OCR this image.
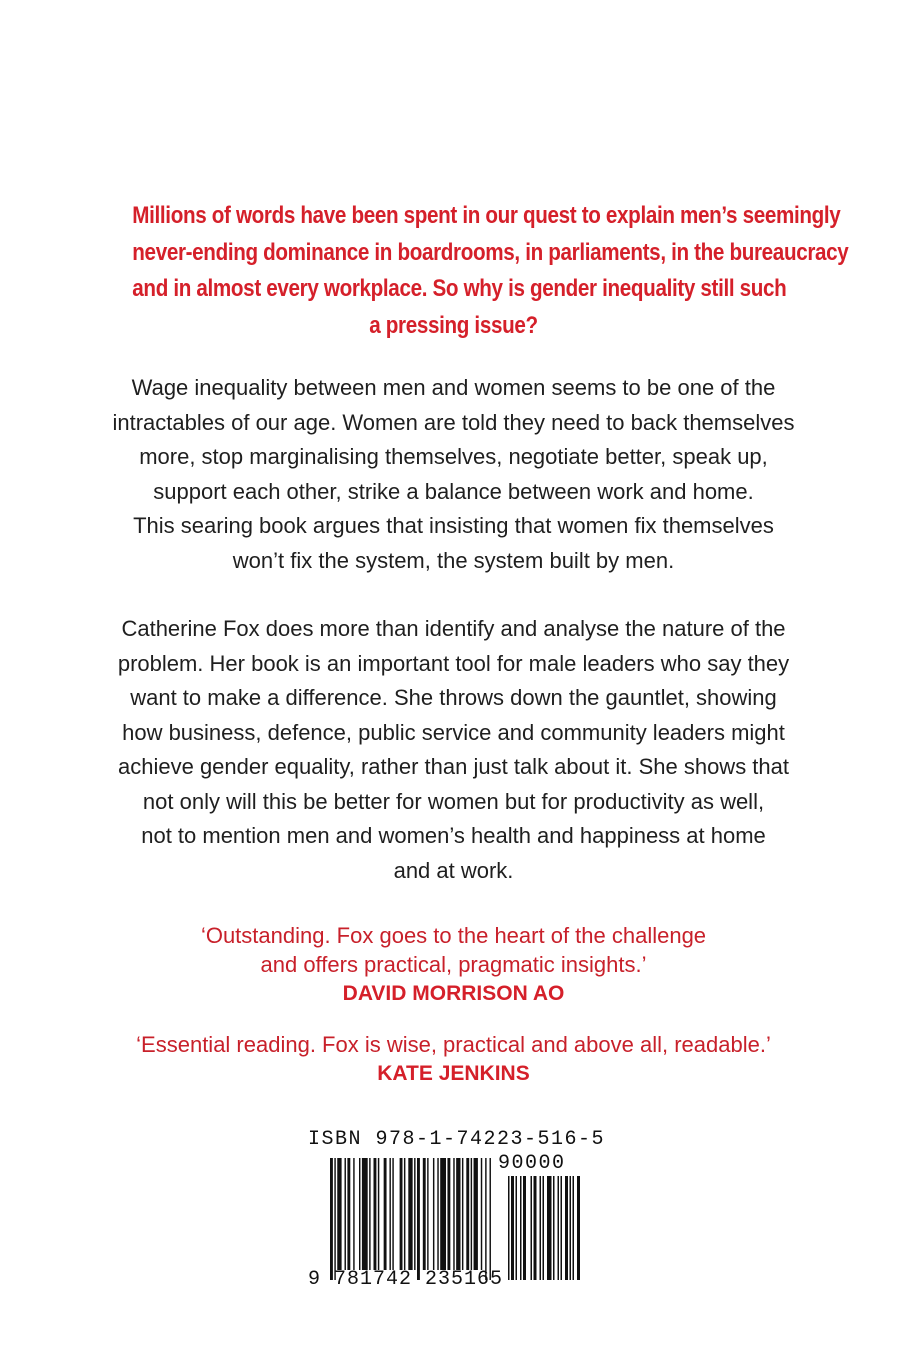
Millions of words have been spent in our quest to explain men’s seemingly
never-ending dominance in boardrooms, in parliaments, in the bureaucracy
and in almost every workplace. So why is gender inequality still such
a pressing issue?
Wage inequality between men and women seems to be one of the
intractables of our age. Women are told they need to back themselves
more, stop marginalising themselves, negotiate better, speak up,
support each other, strike a balance between work and home.
This searing book argues that insisting that women fix themselves
won’t fix the system, the system built by men.
Catherine Fox does more than identify and analyse the nature of the
problem. Her book is an important tool for male leaders who say they
want to make a difference. She throws down the gauntlet, showing
how business, defence, public service and community leaders might
achieve gender equality, rather than just talk about it. She shows that
not only will this be better for women but for productivity as well,
not to mention men and women’s health and happiness at home
and at work.
‘Outstanding. Fox goes to the heart of the challenge
and offers practical, pragmatic insights.’
DAVID MORRISON AO
‘Essential reading. Fox is wise, practical and above all, readable.’
KATE JENKINS
ISBN 978-1-74223-516-5
90000
9 781742 235165
